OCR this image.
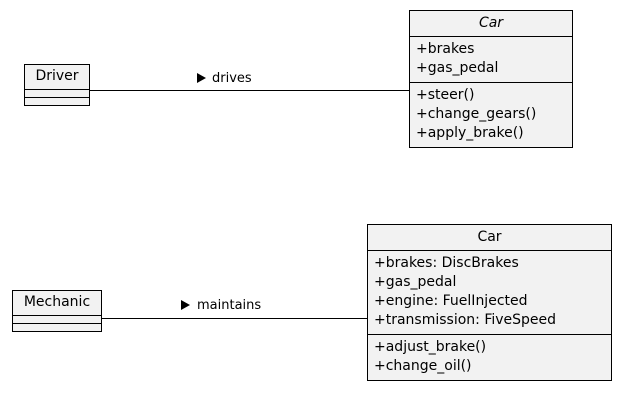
Driver	drives
Car
+brakes
+gas_pedal
+steer()
+change_gears()
+apply_brake()
Mechanic	maintains
Car
+brakes: DiscBrakes
+gas_pedal
+engine: FuelInjected
+transmission: FiveSpeed
+adjust_brake()
+change_oil()
